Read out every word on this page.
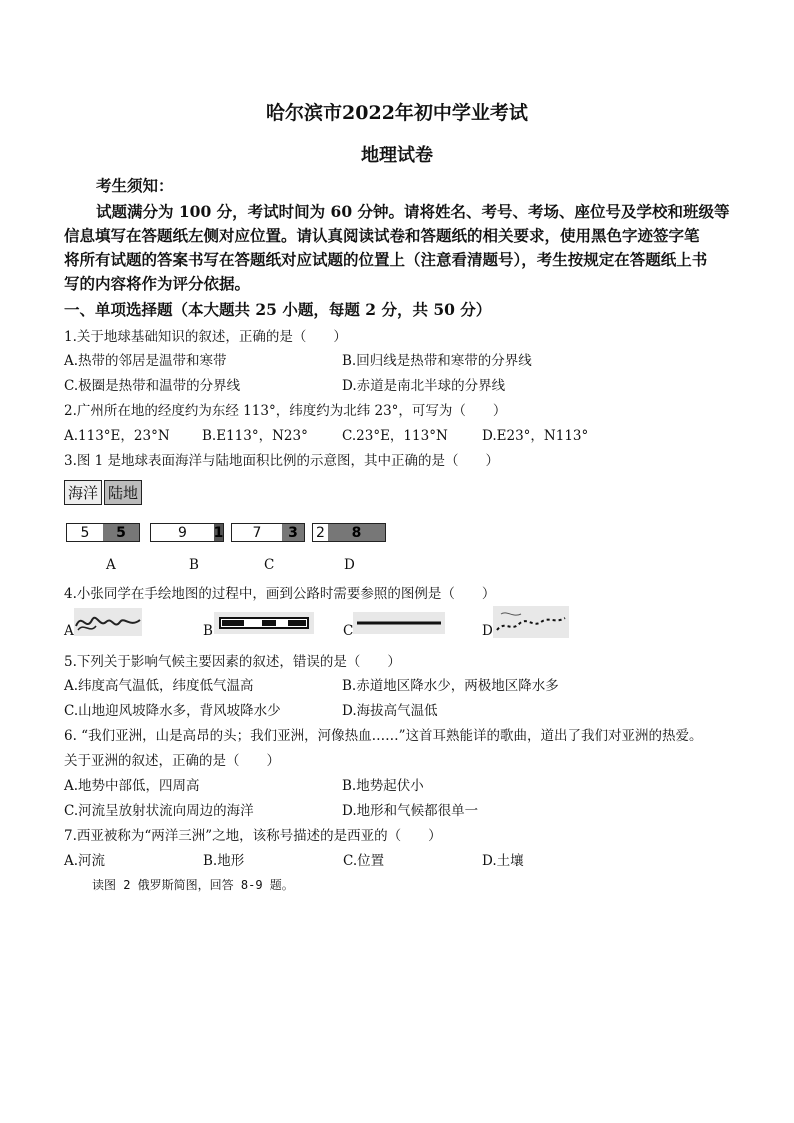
哈尔滨市2022年初中学业考试
地理试卷
考生须知：
试题满分为 100 分，考试时间为 60 分钟。请将姓名、考号、考场、座位号及学校和班级等
信息填写在答题纸左侧对应位置。请认真阅读试卷和答题纸的相关要求，使用黑色字迹签字笔
将所有试题的答案书写在答题纸对应试题的位置上（注意看清题号），考生按规定在答题纸上书
写的内容将作为评分依据。
一、单项选择题（本大题共 25 小题，每题 2 分，共 50 分）
1.关于地球基础知识的叙述，正确的是（　　）
A.热带的邻居是温带和寒带	B.回归线是热带和寒带的分界线
C.极圈是热带和温带的分界线	D.赤道是南北半球的分界线
2.广州所在地的经度约为东经 113°，纬度约为北纬 23°，可写为（　　）
A.113°E，23°N B.E113°，N23°	C.23°E，113°N	D.E23°，N113°
3.图 1 是地球表面海洋与陆地面积比例的示意图，其中正确的是（　　）
海洋 陆地
5	5	9	1	7	3	2	8
A	B	C	D
4.小张同学在手绘地图的过程中，画到公路时需要参照的图例是（　　）
A	B	C	D
5.下列关于影响气候主要因素的叙述，错误的是（　　）
A.纬度高气温低，纬度低气温高	B.赤道地区降水少，两极地区降水多
C.山地迎风坡降水多，背风坡降水少	D.海拔高气温低
6. “我们亚洲，山是高昂的头；我们亚洲，河像热血……”这首耳熟能详的歌曲，道出了我们对亚洲的热爱。
关于亚洲的叙述，正确的是（　　）
A.地势中部低，四周高	B.地势起伏小
C.河流呈放射状流向周边的海洋	D.地形和气候都很单一
7.西亚被称为“两洋三洲”之地，该称号描述的是西亚的（　　）
A.河流	B.地形	C.位置	D.土壤
读图 2 俄罗斯简图，回答 8-9 题。
